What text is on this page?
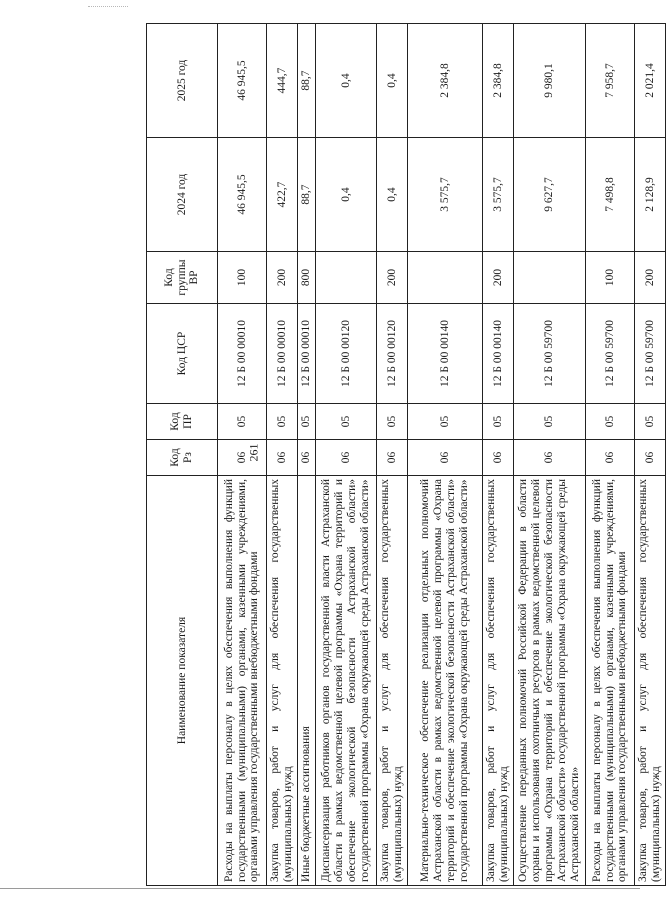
261
Наименование показателя	Код Рз	Код ПР	Код ЦСР	Код группы ВР	2024 год	2025 год
Расходы на выплаты персоналу в целях обеспечения выполнения функций государственными (муниципальными) органами, казенными учреждениями, органами управления государственными внебюджетными фондами	06	05	12 Б 00 00010	100	46 945,5	46 945,5
Закупка товаров, работ и услуг для обеспечения государственных (муниципальных) нужд	06	05	12 Б 00 00010	200	422,7	444,7
Иные бюджетные ассигнования	06	05	12 Б 00 00010	800	88,7	88,7
Диспансеризация работников органов государственной власти Астраханской области в рамках ведомственной целевой программы «Охрана территорий и обеспечение экологической безопасности Астраханской области» государственной программы «Охрана окружающей среды Астраханской области»	06	05	12 Б 00 00120		0,4	0,4
Закупка товаров, работ и услуг для обеспечения государственных (муниципальных) нужд	06	05	12 Б 00 00120	200	0,4	0,4
Материально-техническое обеспечение реализации отдельных полномочий Астраханской области в рамках ведомственной целевой программы «Охрана территорий и обеспечение экологической безопасности Астраханской области» государственной программы «Охрана окружающей среды Астраханской области»	06	05	12 Б 00 00140		3 575,7	2 384,8
Закупка товаров, работ и услуг для обеспечения государственных (муниципальных) нужд	06	05	12 Б 00 00140	200	3 575,7	2 384,8
Осуществление переданных полномочий Российской Федерации в области охраны и использования охотничьих ресурсов в рамках ведомственной целевой программы «Охрана территорий и обеспечение экологической безопасности Астраханской области» государственной программы «Охрана окружающей среды Астраханской области»	06	05	12 Б 00 59700		9 627,7	9 980,1
Расходы на выплаты персоналу в целях обеспечения выполнения функций государственными (муниципальными) органами, казенными учреждениями, органами управления государственными внебюджетными фондами	06	05	12 Б 00 59700	100	7 498,8	7 958,7
Закупка товаров, работ и услуг для обеспечения государственных (муниципальных) нужд	06	05	12 Б 00 59700	200	2 128,9	2 021,4
